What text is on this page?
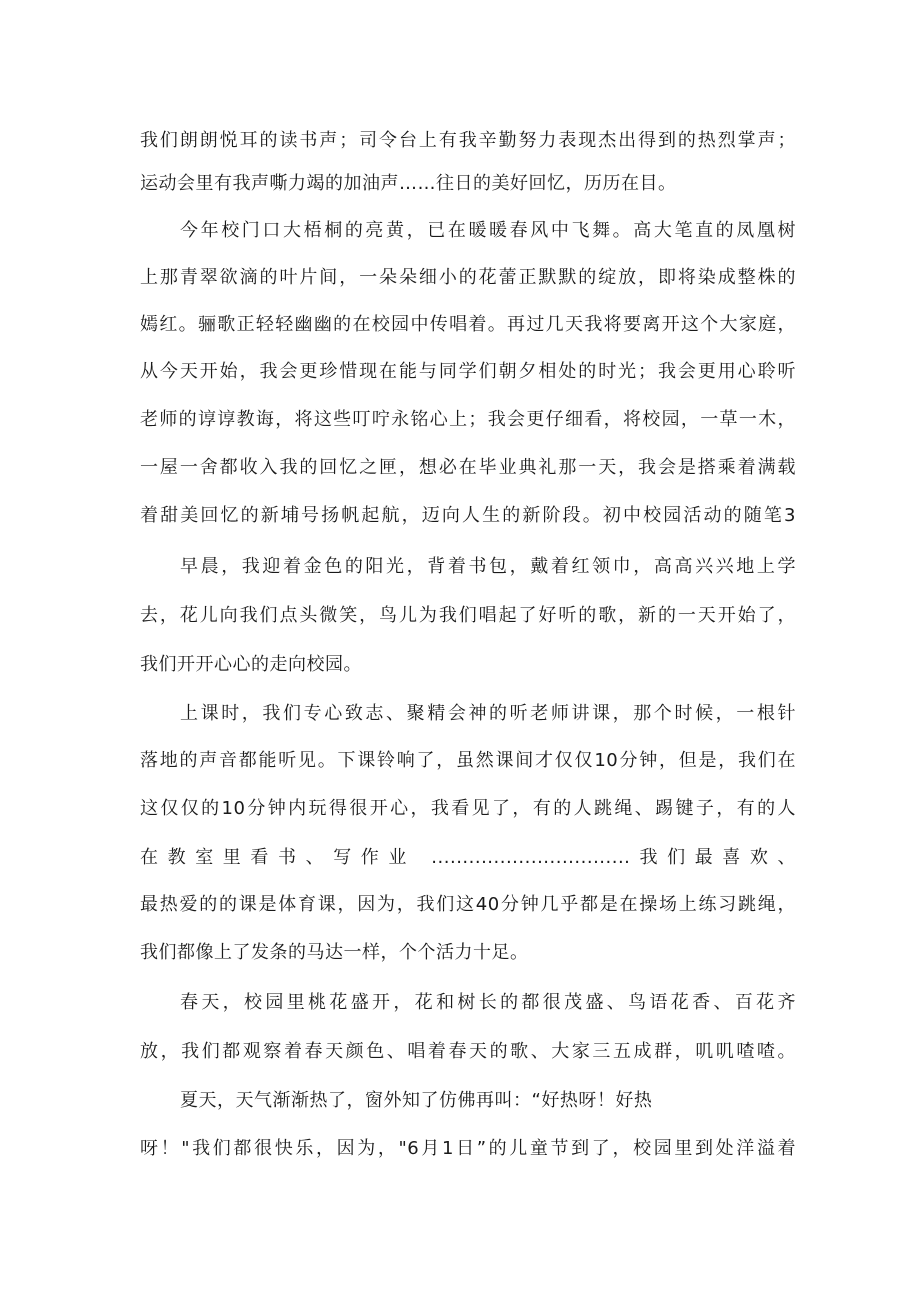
我们朗朗悦耳的读书声；司令台上有我辛勤努力表现杰出得到的热烈掌声；
运动会里有我声嘶力竭的加油声……往日的美好回忆，历历在目。
今年校门口大梧桐的亮黄，已在暖暖春风中飞舞。高大笔直的凤凰树
上那青翠欲滴的叶片间，一朵朵细小的花蕾正默默的绽放，即将染成整株的
嫣红。骊歌正轻轻幽幽的在校园中传唱着。再过几天我将要离开这个大家庭，
从今天开始，我会更珍惜现在能与同学们朝夕相处的时光；我会更用心聆听
老师的谆谆教诲，将这些叮咛永铭心上；我会更仔细看，将校园，一草一木，
一屋一舍都收入我的回忆之匣，想必在毕业典礼那一天，我会是搭乘着满载
着甜美回忆的新埔号扬帆起航，迈向人生的新阶段。初中校园活动的随笔3
早晨，我迎着金色的阳光，背着书包，戴着红领巾，高高兴兴地上学
去，花儿向我们点头微笑，鸟儿为我们唱起了好听的歌，新的一天开始了，
我们开开心心的走向校园。
上课时，我们专心致志、聚精会神的听老师讲课，那个时候，一根针
落地的声音都能听见。下课铃响了，虽然课间才仅仅10分钟，但是，我们在
这仅仅的10分钟内玩得很开心，我看见了，有的人跳绳、踢键子，有的人
在教室里看书、写作业 ................................我们最喜欢、
最热爱的的课是体育课，因为，我们这40分钟几乎都是在操场上练习跳绳，
我们都像上了发条的马达一样，个个活力十足。
春天，校园里桃花盛开，花和树长的都很茂盛、鸟语花香、百花齐
放，我们都观察着春天颜色、唱着春天的歌、大家三五成群，叽叽喳喳。
夏天，天气渐渐热了，窗外知了仿佛再叫：“好热呀！好热
呀！"我们都很快乐，因为，"6月1日”的儿童节到了，校园里到处洋溢着
